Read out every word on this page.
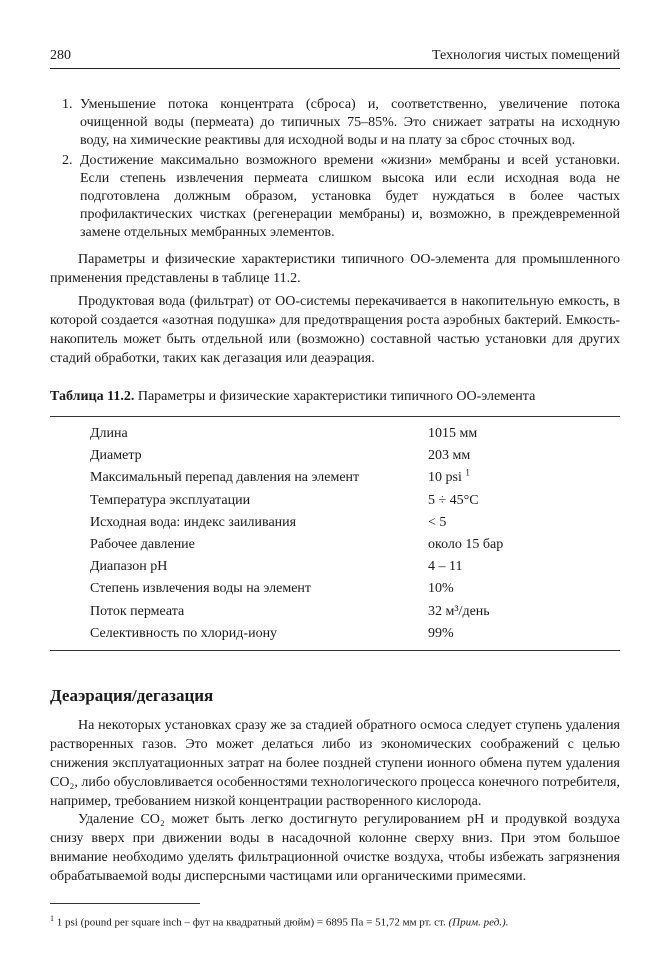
280	Технология чистых помещений
1. Уменьшение потока концентрата (сброса) и, соответственно, увеличение потока очищенной воды (пермеата) до типичных 75–85%. Это снижает затраты на исходную воду, на химические реактивы для исходной воды и на плату за сброс сточных вод.
2. Достижение максимально возможного времени «жизни» мембраны и всей установки. Если степень извлечения пермеата слишком высока или если исходная вода не подготовлена должным образом, установка будет нуждаться в более частых профилактических чистках (регенерации мембраны) и, возможно, в преждевременной замене отдельных мембранных элементов.

Параметры и физические характеристики типичного ОО-элемента для промышленного применения представлены в таблице 11.2.

Продуктовая вода (фильтрат) от ОО-системы перекачивается в накопительную емкость, в которой создается «азотная подушка» для предотвращения роста аэробных бактерий. Емкость-накопитель может быть отдельной или (возможно) составной частью установки для других стадий обработки, таких как дегазация или деаэрация.

Таблица 11.2. Параметры и физические характеристики типичного ОО-элемента
Длина	1015 мм
Диаметр	203 мм
Максимальный перепад давления на элемент	10 psi $^1$
Температура эксплуатации	5 ÷ 45°С
Исходная вода: индекс заиливания	< 5
Рабочее давление	около 15 бар
Диапазон pH	4 – 11
Степень извлечения воды на элемент	10%
Поток пермеата	32 м³/день
Селективность по хлорид-иону	99%
Деаэрация/дегазация

На некоторых установках сразу же за стадией обратного осмоса следует ступень удаления растворенных газов. Это может делаться либо из экономических соображений с целью снижения эксплуатационных затрат на более поздней ступени ионного обмена путем удаления CO₂, либо обусловливается особенностями технологического процесса конечного потребителя, например, требованием низкой концентрации растворенного кислорода.

Удаление CO₂ может быть легко достигнуто регулированием pH и продувкой воздуха снизу вверх при движении воды в насадочной колонне сверху вниз. При этом большое внимание необходимо уделять фильтрационной очистке воздуха, чтобы избежать загрязнения обрабатываемой воды дисперсными частицами или органическими примесями.

$^1$ 1 psi (pound per square inch – фут на квадратный дюйм) = 6895 Па = 51,72 мм рт. ст. (Прим. ред.).
